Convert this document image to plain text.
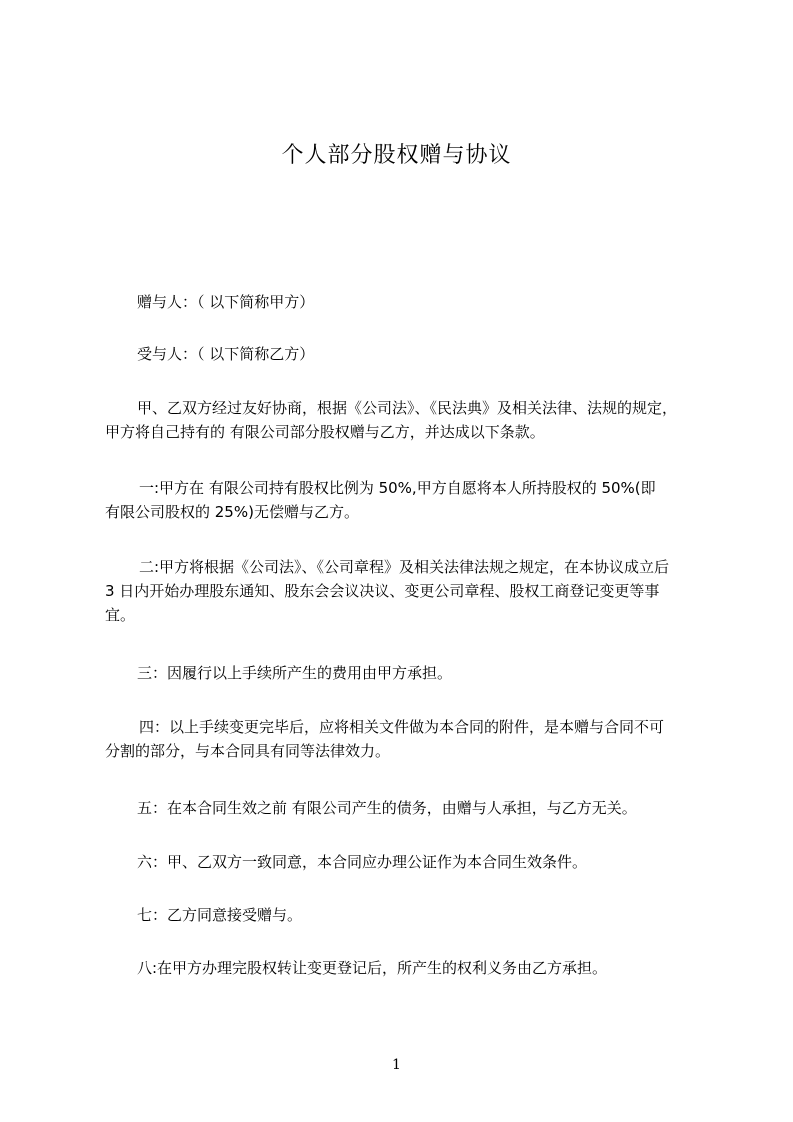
个人部分股权赠与协议

赠与人：（ 以下简称甲方）

受与人：（ 以下简称乙方）

甲、乙双方经过友好协商，根据《公司法》、《民法典》及相关法律、法规的规定，
甲方将自己持有的 有限公司部分股权赠与乙方，并达成以下条款。

一:甲方在 有限公司持有股权比例为 50%,甲方自愿将本人所持股权的 50%(即
有限公司股权的 25%)无偿赠与乙方。

二:甲方将根据《公司法》、《公司章程》及相关法律法规之规定，在本协议成立后
3 日内开始办理股东通知、股东会会议决议、变更公司章程、股权工商登记变更等事
宜。

三：因履行以上手续所产生的费用由甲方承担。

四：以上手续变更完毕后，应将相关文件做为本合同的附件，是本赠与合同不可
分割的部分，与本合同具有同等法律效力。

五：在本合同生效之前 有限公司产生的债务，由赠与人承担，与乙方无关。

六：甲、乙双方一致同意，本合同应办理公证作为本合同生效条件。

七：乙方同意接受赠与。

八:在甲方办理完股权转让变更登记后，所产生的权利义务由乙方承担。

1
